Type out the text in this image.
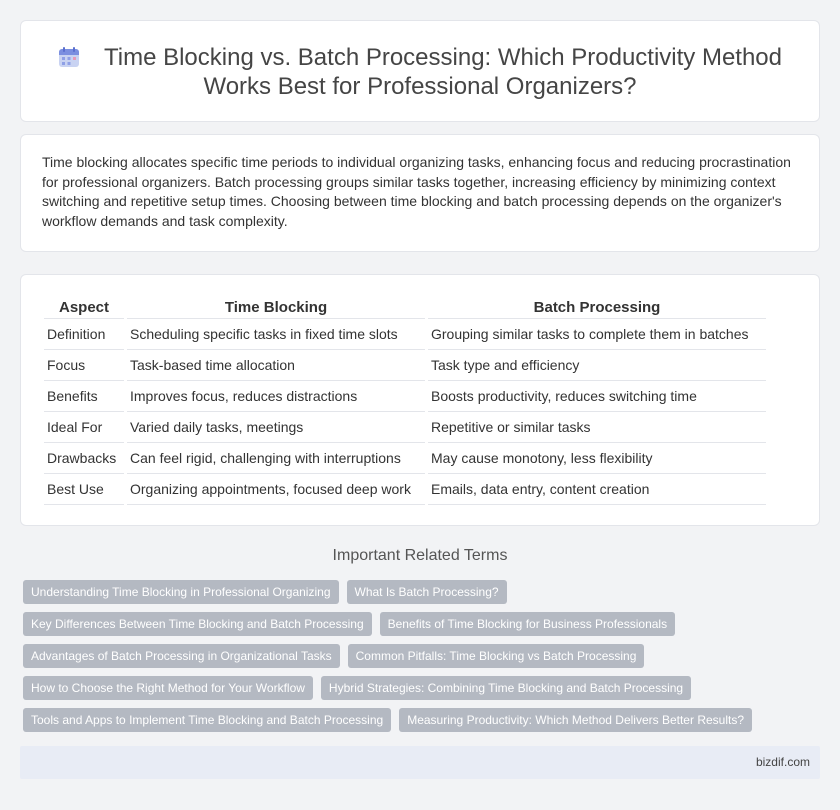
Time Blocking vs. Batch Processing: Which Productivity Method Works Best for Professional Organizers?

Time blocking allocates specific time periods to individual organizing tasks, enhancing focus and reducing procrastination for professional organizers. Batch processing groups similar tasks together, increasing efficiency by minimizing context switching and repetitive setup times. Choosing between time blocking and batch processing depends on the organizer's workflow demands and task complexity.

Aspect	Time Blocking	Batch Processing
Definition	Scheduling specific tasks in fixed time slots	Grouping similar tasks to complete them in batches
Focus	Task-based time allocation	Task type and efficiency
Benefits	Improves focus, reduces distractions	Boosts productivity, reduces switching time
Ideal For	Varied daily tasks, meetings	Repetitive or similar tasks
Drawbacks	Can feel rigid, challenging with interruptions	May cause monotony, less flexibility
Best Use	Organizing appointments, focused deep work	Emails, data entry, content creation
Important Related Terms
Understanding Time Blocking in Professional Organizing	What Is Batch Processing?
Key Differences Between Time Blocking and Batch Processing	Benefits of Time Blocking for Business Professionals
Advantages of Batch Processing in Organizational Tasks	Common Pitfalls: Time Blocking vs Batch Processing
How to Choose the Right Method for Your Workflow	Hybrid Strategies: Combining Time Blocking and Batch Processing
Tools and Apps to Implement Time Blocking and Batch Processing	Measuring Productivity: Which Method Delivers Better Results?
bizdif.com
